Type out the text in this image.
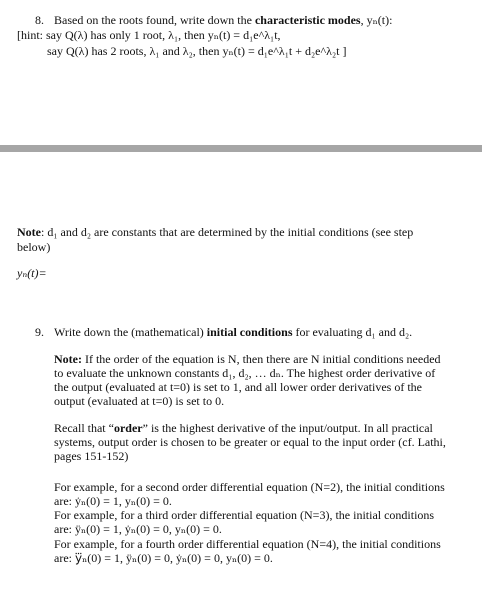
8. Based on the roots found, write down the characteristic modes, yₙ(t):
[hint: say Q(λ) has only 1 root, λ₁, then yₙ(t) = d₁e^λ₁t,
say Q(λ) has 2 roots, λ₁ and λ₂, then yₙ(t) = d₁e^λ₁t + d₂e^λ₂t ]
Note: d₁ and d₂ are constants that are determined by the initial conditions (see step
below)
yₙ(t)=
9. Write down the (mathematical) initial conditions for evaluating d₁ and d₂.
Note: If the order of the equation is N, then there are N initial conditions needed
to evaluate the unknown constants d₁, d₂, … dₙ. The highest order derivative of
the output (evaluated at t=0) is set to 1, and all lower order derivatives of the
output (evaluated at t=0) is set to 0.
Recall that “order” is the highest derivative of the input/output. In all practical
systems, output order is chosen to be greater or equal to the input order (cf. Lathi,
pages 151-152)
For example, for a second order differential equation (N=2), the initial conditions
are: ẏₙ(0) = 1, yₙ(0) = 0.
For example, for a third order differential equation (N=3), the initial conditions
are: ÿₙ(0) = 1, ẏₙ(0) = 0, yₙ(0) = 0.
For example, for a fourth order differential equation (N=4), the initial conditions
are: y⃛ₙ(0) = 1, ÿₙ(0) = 0, ẏₙ(0) = 0, yₙ(0) = 0.
